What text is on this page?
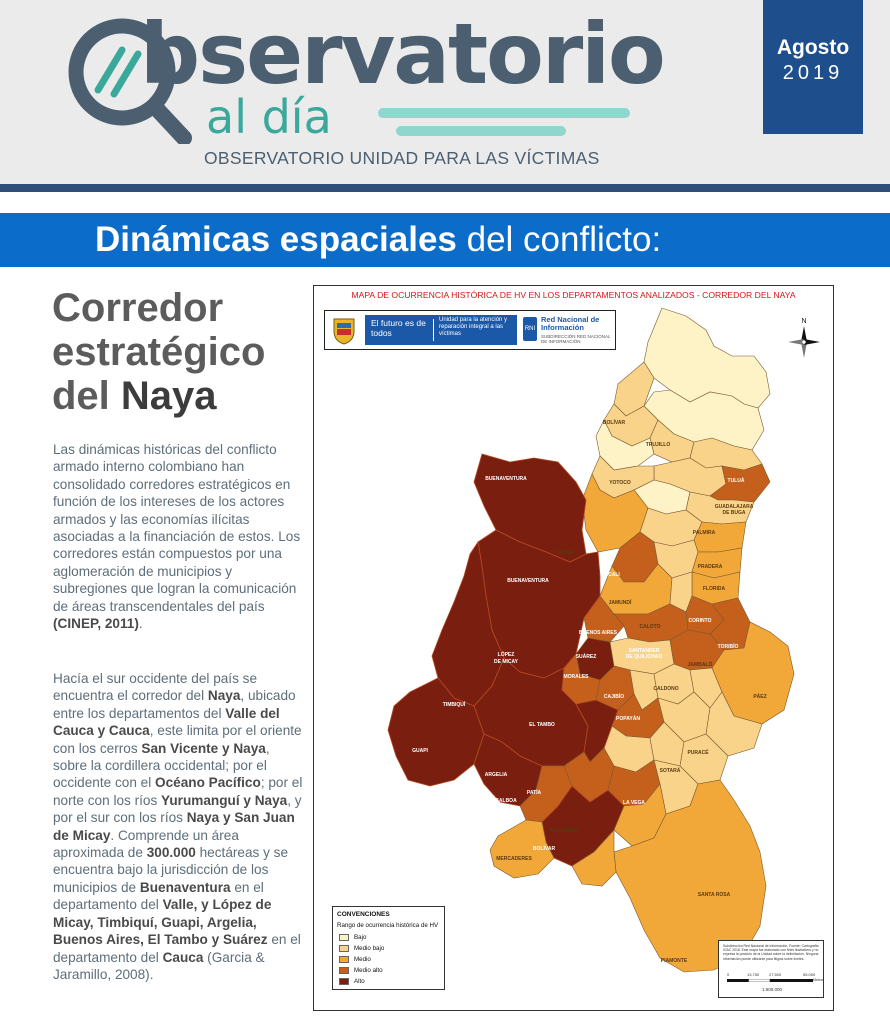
bservatorio
al día
OBSERVATORIO UNIDAD PARA LAS VÍCTIMAS
Agosto
2019
Dinámicas espaciales del conflicto:
Corredor
estratégico
del Naya

Las dinámicas históricas del conflicto armado interno colombiano han consolidado corredores estratégicos en función de los intereses de los actores armados y las economías ilícitas asociadas a la financiación de estos. Los corredores están compuestos por una aglomeración de municipios y subregiones que logran la comunicación de áreas transcendentales del país (CINEP, 2011).

Hacía el sur occidente del país se encuentra el corredor del Naya, ubicado entre los departamentos del Valle del Cauca y Cauca, este limita por el oriente con los cerros San Vicente y Naya, sobre la cordillera occidental; por el occidente con el Océano Pacífico; por el norte con los ríos Yurumanguí y Naya, y por el sur con los ríos Naya y San Juan de Micay. Comprende un área aproximada de 300.000 hectáreas y se encuentra bajo la jurisdicción de los municipios de Buenaventura en el departamento del Valle, y López de Micay, Timbiquí, Guapi, Argelia, Buenos Aires, El Tambo y Suárez en el departamento del Cauca (Garcia & Jaramillo, 2008).

BUENAVENTURA
BUENAVENTURA
LÓPEZ
DE MICAY
TIMBIQUÍ
GUAPI
EL TAMBO
ARGELIA
BALBOA
PATÍA
BOLÍVAR
SUÁREZ
CALI
TULUÁ
TORIBÍO
CORINTO
MORALES
CAJIBÍO
POPAYÁN
LA VEGA
BUENOS AIRES
SANTANDER
DE QUILICHAO
DAGUA
JAMUNDÍ
PALMIRA
FLORIDA
PRADERA
PÁEZ
GUADALAJARA
DE BUGA
MERCADERES
SANTA ROSA
PIAMONTE
ALMAGUER
CALDONO
BOLÍVAR
TRUJILLO
YOTOCO
JAMBALÓ
SOTARÁ
PURACÉ
CALOTO
MAPA DE OCURRENCIA HISTÓRICA DE HV EN LOS DEPARTAMENTOS ANALIZADOS - CORREDOR DEL NAYA
El futuro es de todos
Unidad para la atención y reparación integral a las víctimas
RNI
Red Nacional de Información
SUBDIRECCIÓN RED NACIONAL DE INFORMACIÓN
N
CONVENCIONES
Rango de ocurrencia histórica de HV
Bajo
Medio bajo
Medio
Medio alto
Alto
Subdirección Red Nacional de Información. Fuente: Cartografía IGAC 2018. Este mapa fue elaborado con fines ilustrativos y no expresa la posición de la Unidad sobre la delimitación. Ninguna información puede utilizarse para litigios sobre límites.
0	13.750 27.500	55.000
Metros
1:600.000
